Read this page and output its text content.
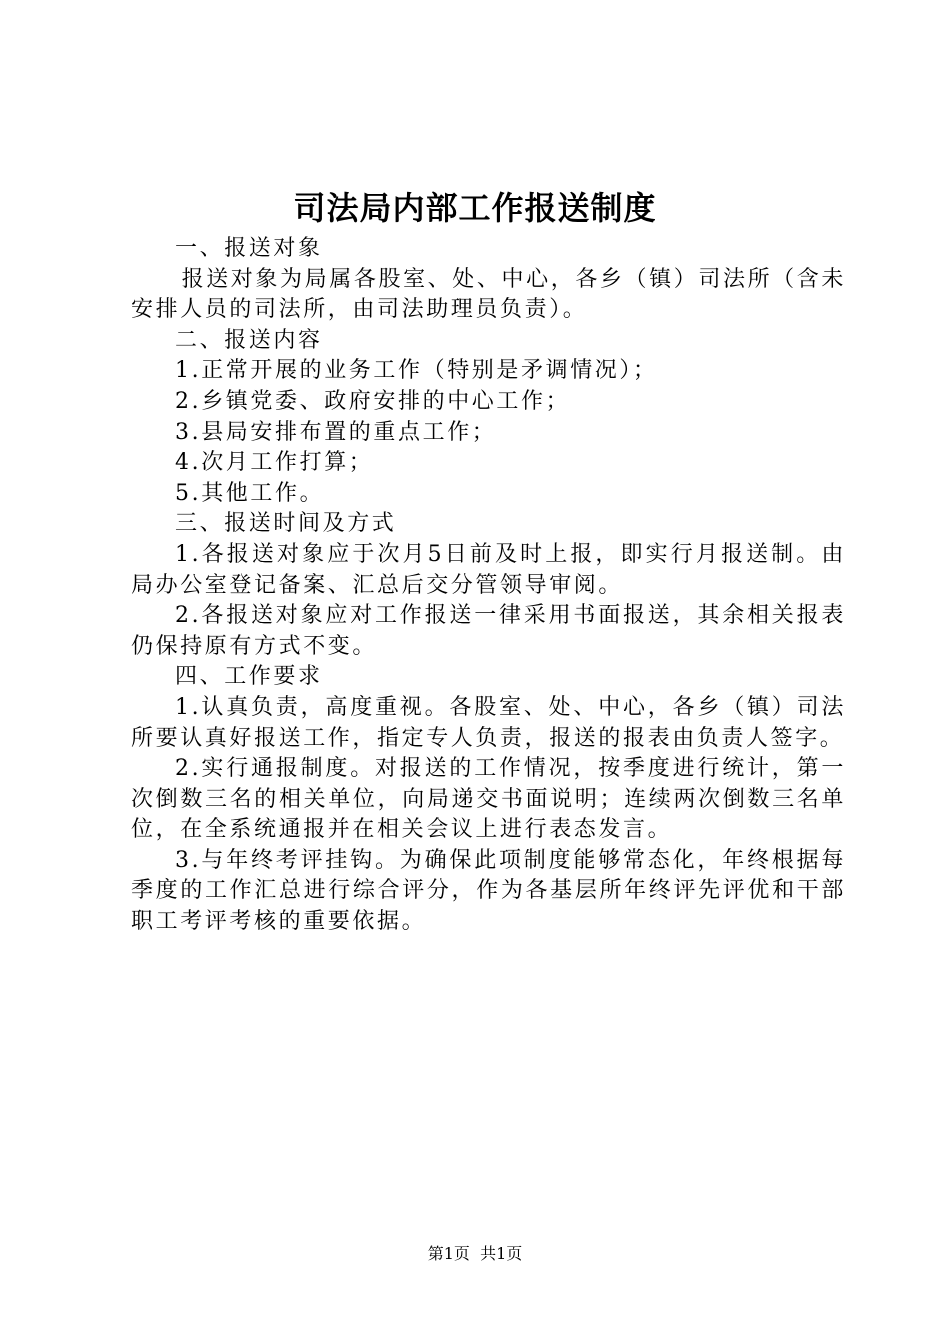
司法局内部工作报送制度

一、报送对象

报送对象为局属各股室、处、中心，各乡（镇）司法所（含未安排人员的司法所，由司法助理员负责）。

二、报送内容

1.正常开展的业务工作（特别是矛调情况）；

2.乡镇党委、政府安排的中心工作；

3.县局安排布置的重点工作；

4.次月工作打算；

5.其他工作。

三、报送时间及方式

1.各报送对象应于次月5日前及时上报，即实行月报送制。由局办公室登记备案、汇总后交分管领导审阅。

2.各报送对象应对工作报送一律采用书面报送，其余相关报表仍保持原有方式不变。

四、工作要求

1.认真负责，高度重视。各股室、处、中心，各乡（镇）司法所要认真好报送工作，指定专人负责，报送的报表由负责人签字。

2.实行通报制度。对报送的工作情况，按季度进行统计，第一次倒数三名的相关单位，向局递交书面说明；连续两次倒数三名单位，在全系统通报并在相关会议上进行表态发言。

3.与年终考评挂钩。为确保此项制度能够常态化，年终根据每季度的工作汇总进行综合评分，作为各基层所年终评先评优和干部职工考评考核的重要依据。

第1页  共1页
